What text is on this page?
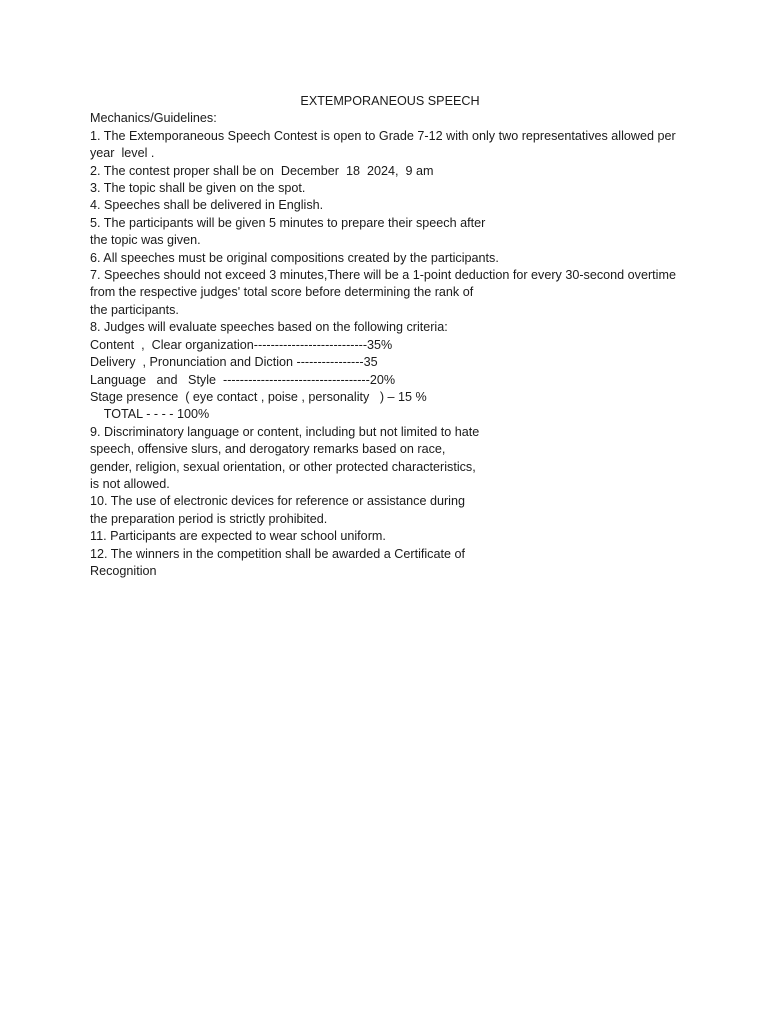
EXTEMPORANEOUS SPEECH

Mechanics/Guidelines:

1. The Extemporaneous Speech Contest is open to Grade 7-12 with only two representatives allowed per

year  level .

2. The contest proper shall be on  December  18  2024,  9 am

3. The topic shall be given on the spot.

4. Speeches shall be delivered in English.

5. The participants will be given 5 minutes to prepare their speech after

the topic was given.

6. All speeches must be original compositions created by the participants.

7. Speeches should not exceed 3 minutes,There will be a 1-point deduction for every 30-second overtime

from the respective judges' total score before determining the rank of

the participants.

8. Judges will evaluate speeches based on the following criteria:

Content  ,  Clear organization---------------------------35%

Delivery  , Pronunciation and Diction ----------------35

Language   and   Style  -----------------------------------20%

Stage presence  ( eye contact , poise , personality   ) – 15 %

TOTAL - - - - 100%

9. Discriminatory language or content, including but not limited to hate

speech, offensive slurs, and derogatory remarks based on race,

gender, religion, sexual orientation, or other protected characteristics,

is not allowed.

10. The use of electronic devices for reference or assistance during

the preparation period is strictly prohibited.

11. Participants are expected to wear school uniform.

12. The winners in the competition shall be awarded a Certificate of

Recognition
